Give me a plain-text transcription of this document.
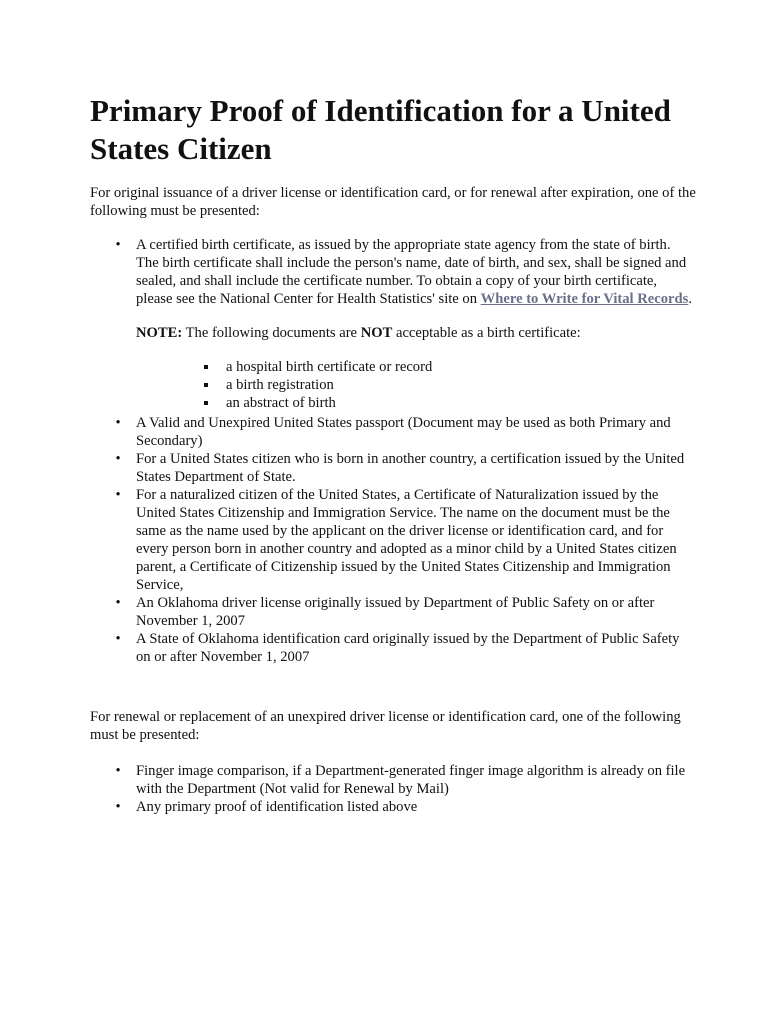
Primary Proof of Identification for a United States Citizen

For original issuance of a driver license or identification card, or for renewal after expiration, one of the following must be presented:

• A certified birth certificate, as issued by the appropriate state agency from the state of birth. The birth certificate shall include the person's name, date of birth, and sex, shall be signed and sealed, and shall include the certificate number. To obtain a copy of your birth certificate, please see the National Center for Health Statistics' site on Where to Write for Vital Records.
NOTE: The following documents are NOT acceptable as a birth certificate:
a hospital birth certificate or record
a birth registration
an abstract of birth
• A Valid and Unexpired United States passport (Document may be used as both Primary and Secondary)
• For a United States citizen who is born in another country, a certification issued by the United States Department of State.
• For a naturalized citizen of the United States, a Certificate of Naturalization issued by the United States Citizenship and Immigration Service. The name on the document must be the same as the name used by the applicant on the driver license or identification card, and for every person born in another country and adopted as a minor child by a United States citizen parent, a Certificate of Citizenship issued by the United States Citizenship and Immigration Service,
• An Oklahoma driver license originally issued by Department of Public Safety on or after November 1, 2007
• A State of Oklahoma identification card originally issued by the Department of Public Safety on or after November 1, 2007

For renewal or replacement of an unexpired driver license or identification card, one of the following must be presented:

• Finger image comparison, if a Department-generated finger image algorithm is already on file with the Department (Not valid for Renewal by Mail)
• Any primary proof of identification listed above
